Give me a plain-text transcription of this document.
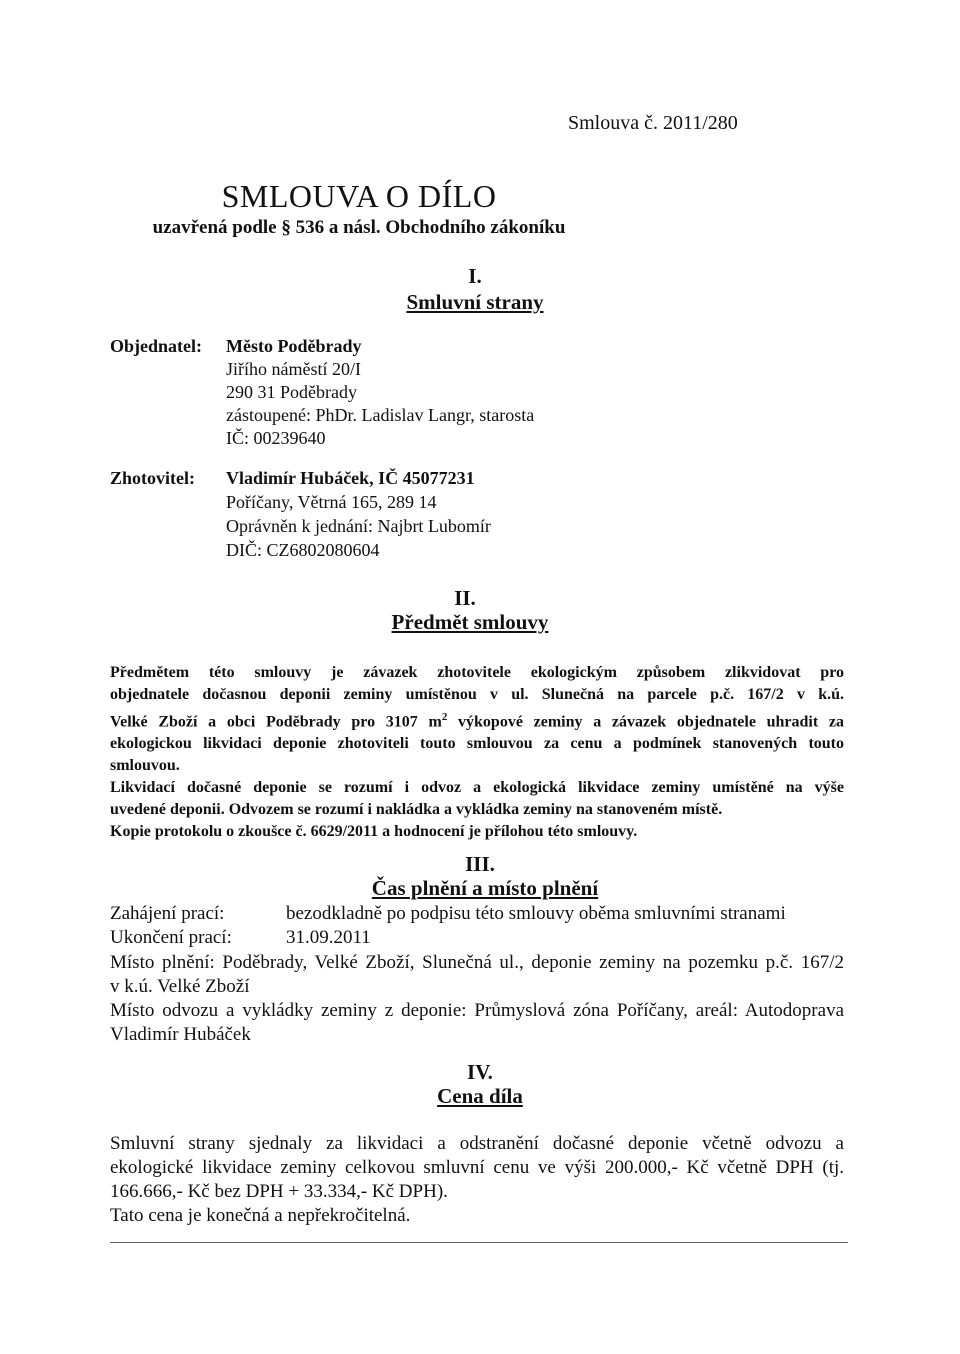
Smlouva č. 2011/280
SMLOUVA O DÍLO
uzavřená podle § 536 a násl. Obchodního zákoníku
I.
Smluvní strany
Objednatel: Město Poděbrady
Jiřího náměstí 20/I
290 31 Poděbrady
zástoupené: PhDr. Ladislav Langr, starosta
IČ: 00239640
Zhotovitel: Vladimír Hubáček, IČ 45077231
Poříčany, Větrná 165, 289 14
Oprávněn k jednání: Najbrt Lubomír
DIČ: CZ6802080604
II.
Předmět smlouvy
Předmětem této smlouvy je závazek zhotovitele ekologickým způsobem zlikvidovat pro
objednatele dočasnou deponii zeminy umístěnou v ul. Slunečná na parcele p.č. 167/2 v k.ú.
Velké Zboží a obci Poděbrady pro 3107 $m^2$ výkopové zeminy a závazek objednatele uhradit za
ekologickou likvidaci deponie zhotoviteli touto smlouvou za cenu a podmínek stanovených touto
smlouvou.
Likvidací dočasné deponie se rozumí i odvoz a ekologická likvidace zeminy umístěné na výše
uvedené deponii. Odvozem se rozumí i nakládka a vykládka zeminy na stanoveném místě.
Kopie protokolu o zkoušce č. 6629/2011 a hodnocení je přílohou této smlouvy.
III.
Čas plnění a místo plnění
Zahájení prací:	bezodkladně po podpisu této smlouvy oběma smluvními stranami
Ukončení prací:	31.09.2011
Místo plnění: Poděbrady, Velké Zboží, Slunečná ul., deponie zeminy na pozemku p.č. 167/2
v k.ú. Velké Zboží
Místo odvozu a vykládky zeminy z deponie: Průmyslová zóna Poříčany, areál: Autodoprava
Vladimír Hubáček
IV.
Cena díla
Smluvní strany sjednaly za likvidaci a odstranění dočasné deponie včetně odvozu a
ekologické likvidace zeminy celkovou smluvní cenu ve výši 200.000,- Kč včetně DPH (tj.
166.666,- Kč bez DPH + 33.334,- Kč DPH).
Tato cena je konečná a nepřekročitelná.
